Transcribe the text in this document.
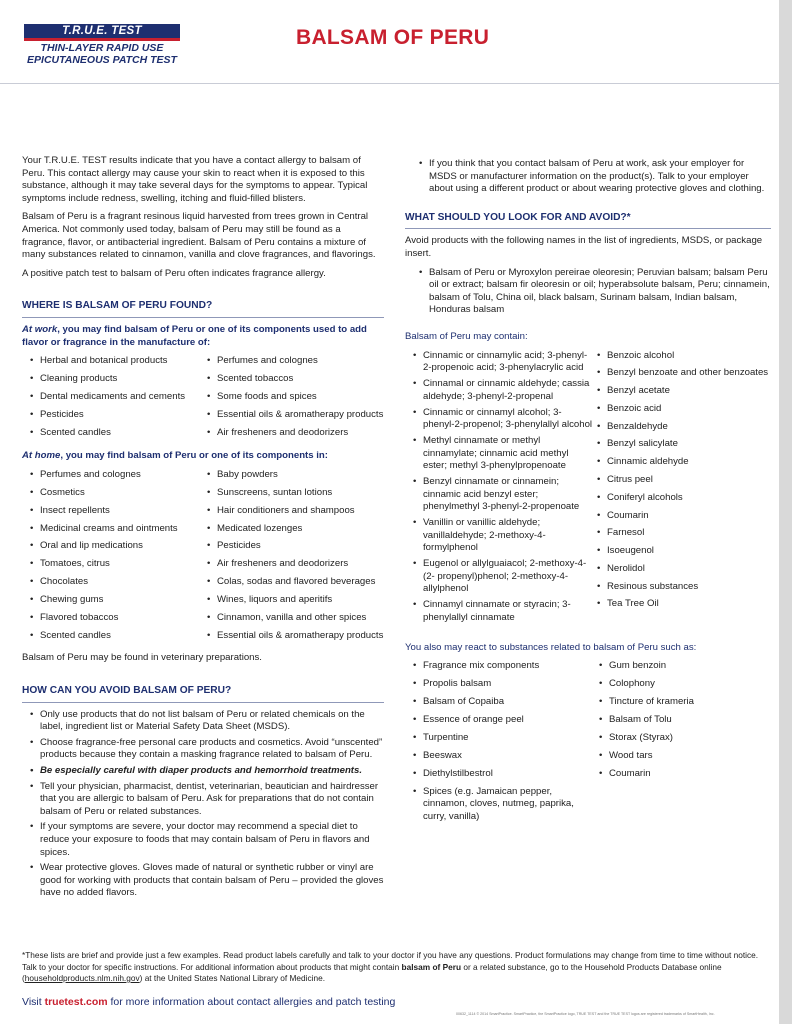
T.R.U.E. TEST
THIN-LAYER RAPID USE
EPICUTANEOUS PATCH TEST
BALSAM OF PERU

Your T.R.U.E. TEST results indicate that you have a contact allergy to balsam of Peru. This contact allergy may cause your skin to react when it is exposed to this substance, although it may take several days for the symptoms to appear. Typical symptoms include redness, swelling, itching and fluid-filled blisters.

Balsam of Peru is a fragrant resinous liquid harvested from trees grown in Central America. Not commonly used today, balsam of Peru may still be found as a fragrance, flavor, or antibacterial ingredient. Balsam of Peru contains a mixture of many substances related to cinnamon, vanilla and clove fragrances, and flavorings.

A positive patch test to balsam of Peru often indicates fragrance allergy.

WHERE IS BALSAM OF PERU FOUND?

At work, you may find balsam of Peru or one of its components used to add flavor or fragrance in the manufacture of:

• Herbal and botanical products	• Perfumes and colognes
• Cleaning products	• Scented tobaccos
• Dental medicaments and cements	• Some foods and spices
• Pesticides	• Essential oils & aromatherapy products
• Scented candles	• Air fresheners and deodorizers

At home, you may find balsam of Peru or one of its components in:

• Perfumes and colognes	• Baby powders
• Cosmetics	• Sunscreens, suntan lotions
• Insect repellents	• Hair conditioners and shampoos
• Medicinal creams and ointments	• Medicated lozenges
• Oral and lip medications	• Pesticides
• Tomatoes, citrus	• Air fresheners and deodorizers
• Chocolates	• Colas, sodas and flavored beverages
• Chewing gums	• Wines, liquors and aperitifs
• Flavored tobaccos	• Cinnamon, vanilla and other spices
• Scented candles	• Essential oils & aromatherapy products

Balsam of Peru may be found in veterinary preparations.

HOW CAN YOU AVOID BALSAM OF PERU?
• Only use products that do not list balsam of Peru or related chemicals on the label, ingredient list or Material Safety Data Sheet (MSDS).
• Choose fragrance-free personal care products and cosmetics. Avoid “unscented” products because they contain a masking fragrance related to balsam of Peru.
• Be especially careful with diaper products and hemorrhoid treatments.
• Tell your physician, pharmacist, dentist, veterinarian, beautician and hairdresser that you are allergic to balsam of Peru. Ask for preparations that do not contain balsam of Peru or related substances.
• If your symptoms are severe, your doctor may recommend a special diet to reduce your exposure to foods that may contain balsam of Peru in flavors and spices.
• Wear protective gloves. Gloves made of natural or synthetic rubber or vinyl are good for working with products that contain balsam of Peru – provided the gloves have no added flavors.
• If you think that you contact balsam of Peru at work, ask your employer for MSDS or manufacturer information on the product(s). Talk to your employer about using a different product or about wearing protective gloves and clothing.
WHAT SHOULD YOU LOOK FOR AND AVOID?*

Avoid products with the following names in the list of ingredients, MSDS, or package insert.

• Balsam of Peru or Myroxylon pereirae oleoresin; Peruvian balsam; balsam Peru oil or extract; balsam fir oleoresin or oil; hyperabsolute balsam, Peru; cinnamein, balsam of Tolu, China oil, black balsam, Surinam balsam, Indian balsam, Honduras balsam

Balsam of Peru may contain:

• Cinnamic or cinnamylic acid; 3-phenyl-2-propenoic acid; 3-phenylacrylic acid
• Cinnamal or cinnamic aldehyde; cassia aldehyde; 3-phenyl-2-propenal
• Cinnamic or cinnamyl alcohol; 3-phenyl-2-propenol; 3-phenylallyl alcohol
• Methyl cinnamate or methyl cinnamylate; cinnamic acid methyl ester; methyl 3-phenylpropenoate
• Benzyl cinnamate or cinnamein; cinnamic acid benzyl ester; phenylmethyl 3-phenyl-2-propenoate
• Vanillin or vanillic aldehyde; vanillaldehyde; 2-methoxy-4-formylphenol
• Eugenol or allylguaiacol; 2-methoxy-4-(2- propenyl)phenol; 2-methoxy-4-allylphenol
• Cinnamyl cinnamate or styracin; 3-phenylallyl cinnamate
• Benzoic alcohol
• Benzyl benzoate and other benzoates
• Benzyl acetate
• Benzoic acid
• Benzaldehyde
• Benzyl salicylate
• Cinnamic aldehyde
• Citrus peel
• Coniferyl alcohols
• Coumarin
• Farnesol
• Isoeugenol
• Nerolidol
• Resinous substances
• Tea Tree Oil

You also may react to substances related to balsam of Peru such as:

• Fragrance mix components
• Propolis balsam
• Balsam of Copaiba
• Essence of orange peel
• Turpentine
• Beeswax
• Diethylstilbestrol
• Spices (e.g. Jamaican pepper, cinnamon, cloves, nutmeg, paprika, curry, vanilla)
• Gum benzoin
• Colophony
• Tincture of krameria
• Balsam of Tolu
• Storax (Styrax)
• Wood tars
• Coumarin
*These lists are brief and provide just a few examples. Read product labels carefully and talk to your doctor if you have any questions. Product formulations may change from time to time without notice. Talk to your doctor for specific instructions. For additional information about products that might contain balsam of Peru or a related substance, go to the Household Products Database online (householdproducts.nlm.nih.gov) at the United States National Library of Medicine.
Visit truetest.com for more information about contact allergies and patch testing
00632_1114 © 2014 SmartPractice. SmartPractice, the SmartPractice logo, TRUE TEST and the TRUE TEST logos are registered trademarks of SmartHealth, Inc.
